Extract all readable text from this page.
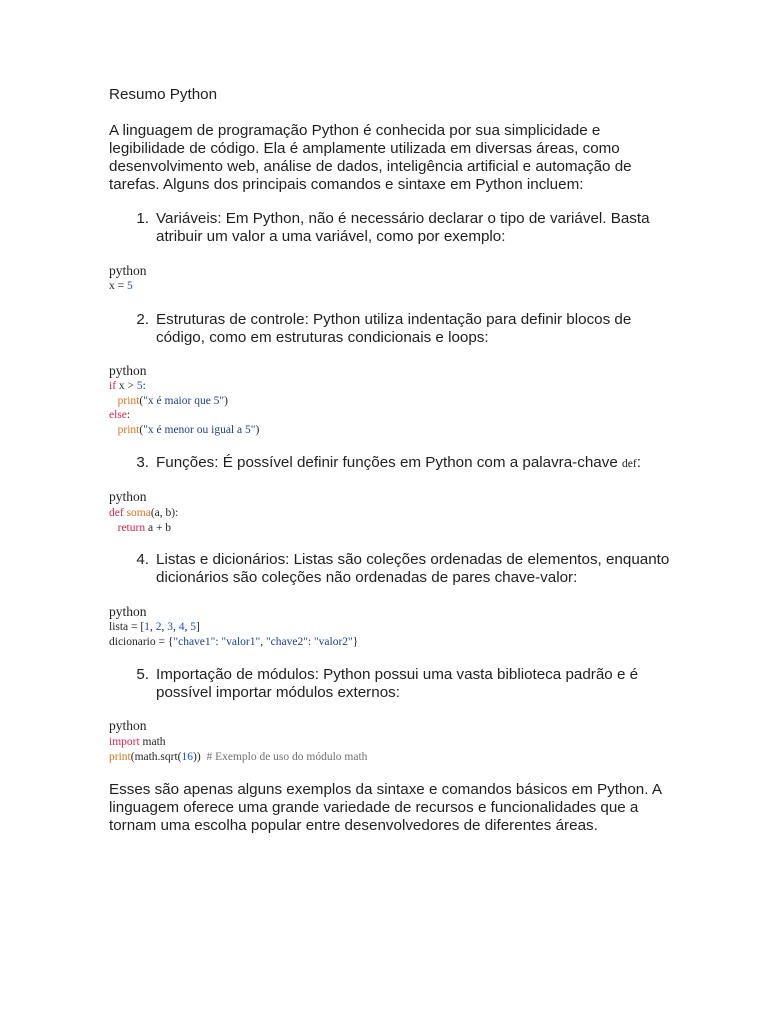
Resumo Python

A linguagem de programação Python é conhecida por sua simplicidade e legibilidade de código. Ela é amplamente utilizada em diversas áreas, como desenvolvimento web, análise de dados, inteligência artificial e automação de tarefas. Alguns dos principais comandos e sintaxe em Python incluem:

1. Variáveis: Em Python, não é necessário declarar o tipo de variável. Basta atribuir um valor a uma variável, como por exemplo:
python
x = 5
2. Estruturas de controle: Python utiliza indentação para definir blocos de código, como em estruturas condicionais e loops:
python
if x > 5:
print("x é maior que 5")
else:
print("x é menor ou igual a 5")
3. Funções: É possível definir funções em Python com a palavra-chave def:
python
def soma(a, b):
return a + b
4. Listas e dicionários: Listas são coleções ordenadas de elementos, enquanto dicionários são coleções não ordenadas de pares chave-valor:
python
lista = [1, 2, 3, 4, 5]
dicionario = {"chave1": "valor1", "chave2": "valor2"}
5. Importação de módulos: Python possui uma vasta biblioteca padrão e é possível importar módulos externos:
python
import math
print(math.sqrt(16))  # Exemplo de uso do módulo math

Esses são apenas alguns exemplos da sintaxe e comandos básicos em Python. A linguagem oferece uma grande variedade de recursos e funcionalidades que a tornam uma escolha popular entre desenvolvedores de diferentes áreas.
